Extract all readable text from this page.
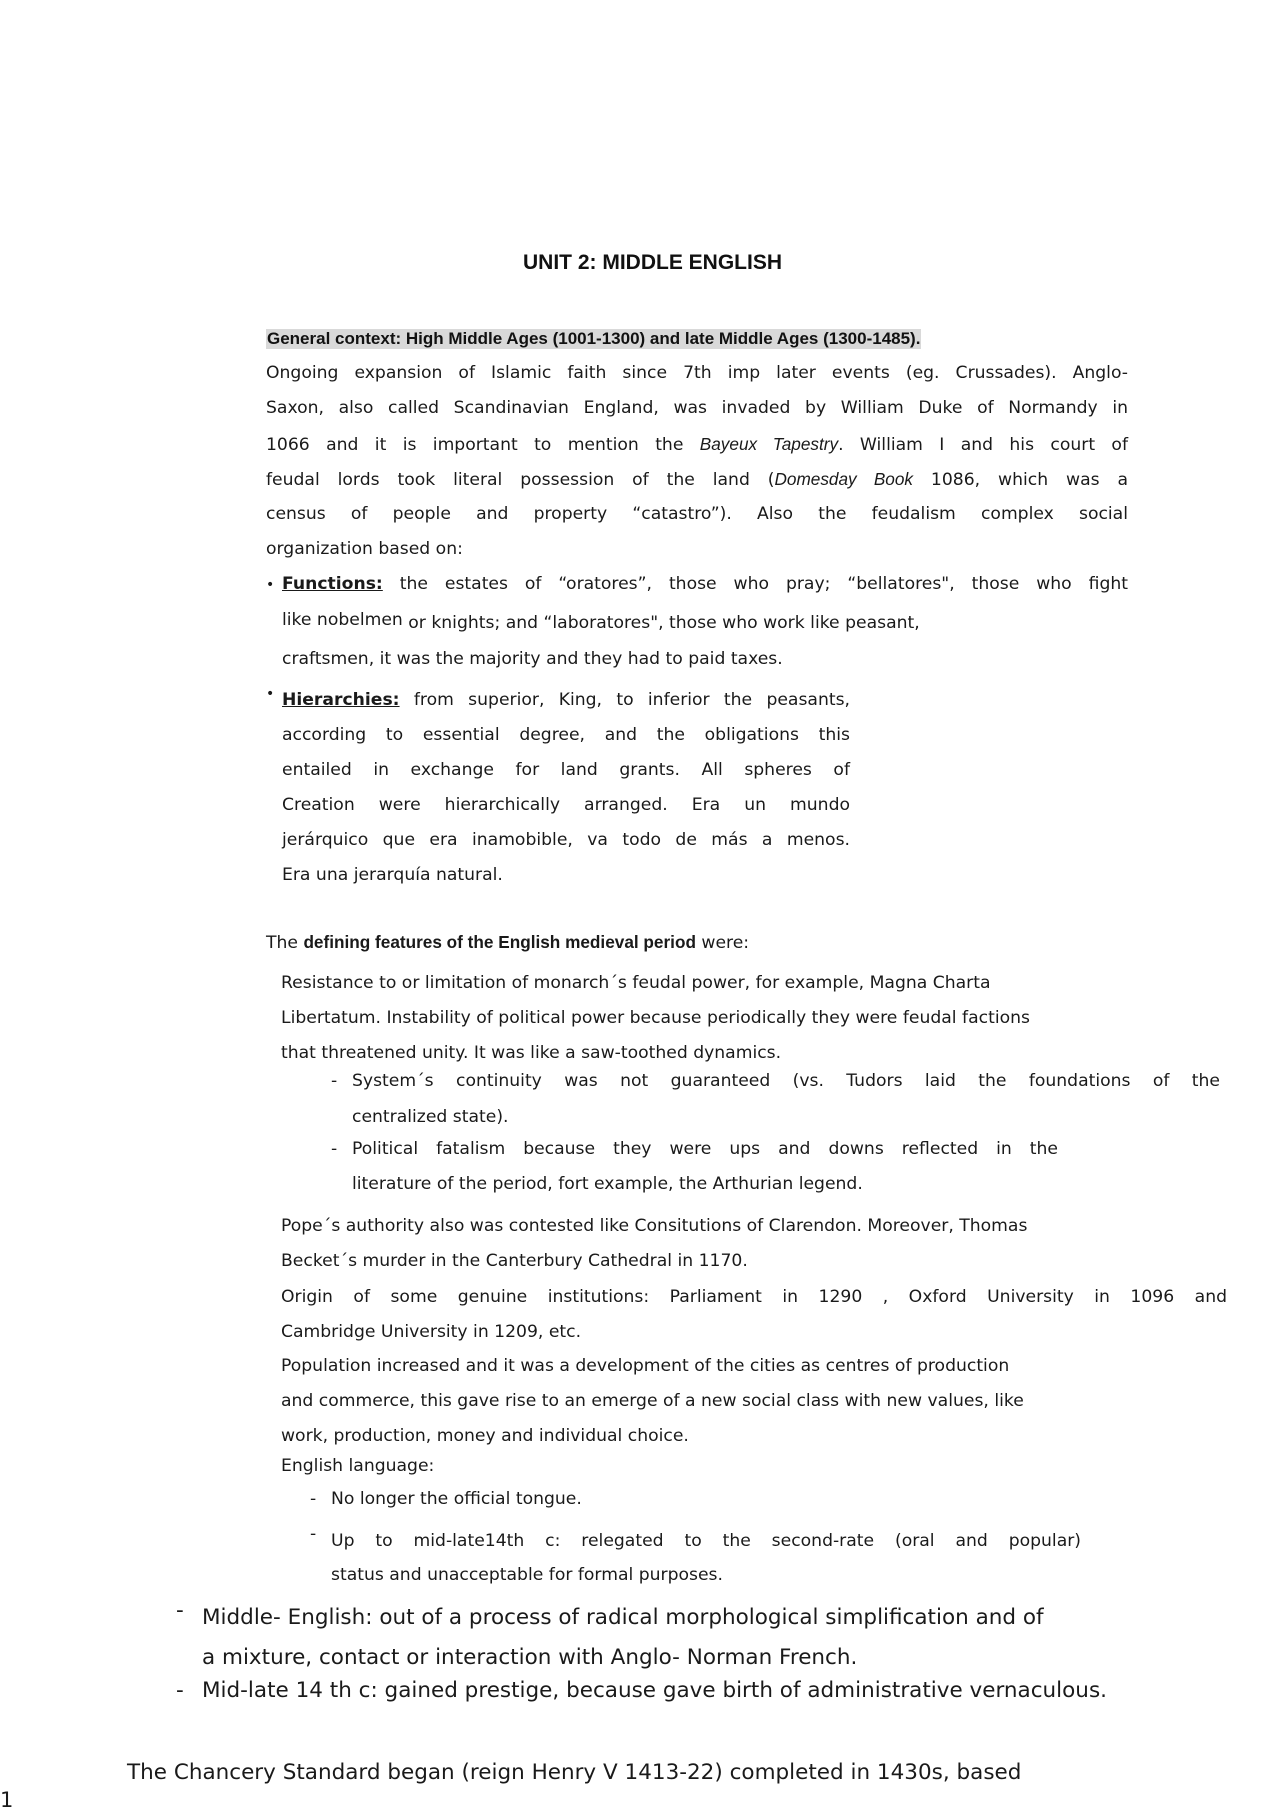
UNIT 2: MIDDLE ENGLISH
General context: High Middle Ages (1001-1300) and late Middle Ages (1300-1485).
Ongoing expansion of Islamic faith since 7th imp later events (eg. Crussades). Anglo-
Saxon, also called Scandinavian England, was invaded by William Duke of Normandy in
1066 and it is important to mention the Bayeux Tapestry. William I and his court of
feudal lords took literal possession of the land (Domesday Book 1086, which was a
census of people and property “catastro”). Also the feudalism complex social
organization based on:
• Functions: the estates of “oratores”, those who pray; “bellatores", those who fight
like nobelmen or knights; and “laboratores", those who work like peasant,
craftsmen, it was the majority and they had to paid taxes.
• Hierarchies: from superior, King, to inferior the peasants,
according to essential degree, and the obligations this
entailed in exchange for land grants. All spheres of
Creation were hierarchically arranged. Era un mundo
jerárquico que era inamobible, va todo de más a menos.
Era una jerarquía natural.
The defining features of the English medieval period were:
Resistance to or limitation of monarch´s feudal power, for example, Magna Charta
Libertatum. Instability of political power because periodically they were feudal factions
that threatened unity. It was like a saw-toothed dynamics.
- System´s continuity was not guaranteed (vs. Tudors laid the foundations of the
centralized state).
- Political fatalism because they were ups and downs reflected in the
literature of the period, fort example, the Arthurian legend.
Pope´s authority also was contested like Consitutions of Clarendon. Moreover, Thomas
Becket´s murder in the Canterbury Cathedral in 1170.
Origin of some genuine institutions: Parliament in 1290 , Oxford University in 1096 and
Cambridge University in 1209, etc.
Population increased and it was a development of the cities as centres of production
and commerce, this gave rise to an emerge of a new social class with new values, like
work, production, money and individual choice.
English language:
- No longer the official tongue.
- Up to mid-late14th c: relegated to the second-rate (oral and popular)
status and unacceptable for formal purposes.
- Middle- English: out of a process of radical morphological simplification and of
a mixture, contact or interaction with Anglo- Norman French.
- Mid-late 14 th c: gained prestige, because gave birth of administrative vernaculous.
The Chancery Standard began (reign Henry V 1413-22) completed in 1430s, based
1
